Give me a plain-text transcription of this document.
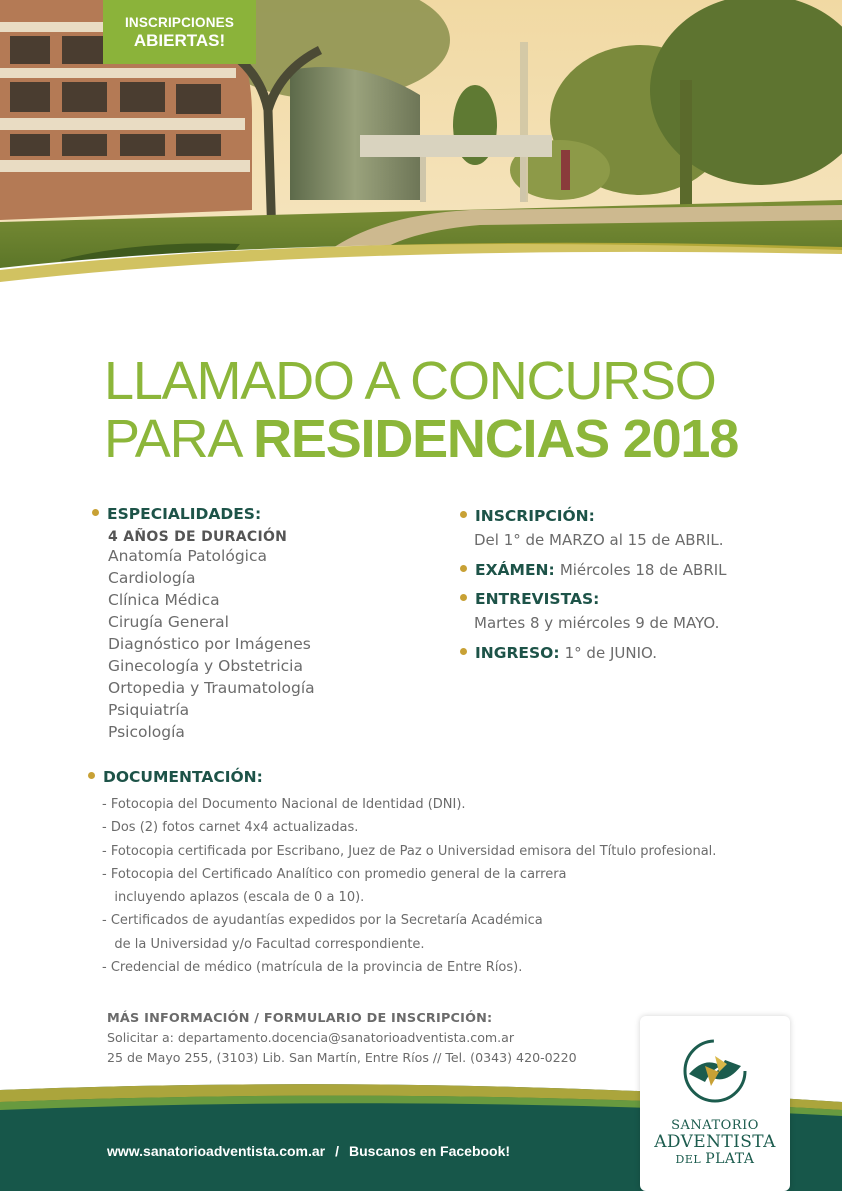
INSCRIPCIONES
ABIERTAS!
LLAMADO A CONCURSO
PARA RESIDENCIAS 2018
ESPECIALIDADES:
4 AÑOS DE DURACIÓN
Anatomía Patológica
Cardiología
Clínica Médica
Cirugía General
Diagnóstico por Imágenes
Ginecología y Obstetricia
Ortopedia y Traumatología
Psiquiatría
Psicología
INSCRIPCIÓN:
Del 1° de MARZO al 15 de ABRIL.
EXÁMEN: Miércoles 18 de ABRIL
ENTREVISTAS:
Martes 8 y miércoles 9 de MAYO.
INGRESO: 1° de JUNIO.
DOCUMENTACIÓN:
- Fotocopia del Documento Nacional de Identidad (DNI).
- Dos (2) fotos carnet 4x4 actualizadas.
- Fotocopia certificada por Escribano, Juez de Paz o Universidad emisora del Título profesional.
- Fotocopia del Certificado Analítico con promedio general de la carrera
incluyendo aplazos (escala de 0 a 10).
- Certificados de ayudantías expedidos por la Secretaría Académica
de la Universidad y/o Facultad correspondiente.
- Credencial de médico (matrícula de la provincia de Entre Ríos).
MÁS INFORMACIÓN / FORMULARIO DE INSCRIPCIÓN:
Solicitar a: departamento.docencia@sanatorioadventista.com.ar
25 de Mayo 255, (3103) Lib. San Martín, Entre Ríos // Tel. (0343) 420-0220
www.sanatorioadventista.com.ar / Buscanos en Facebook!
SANATORIO
ADVENTISTA
DEL PLATA
